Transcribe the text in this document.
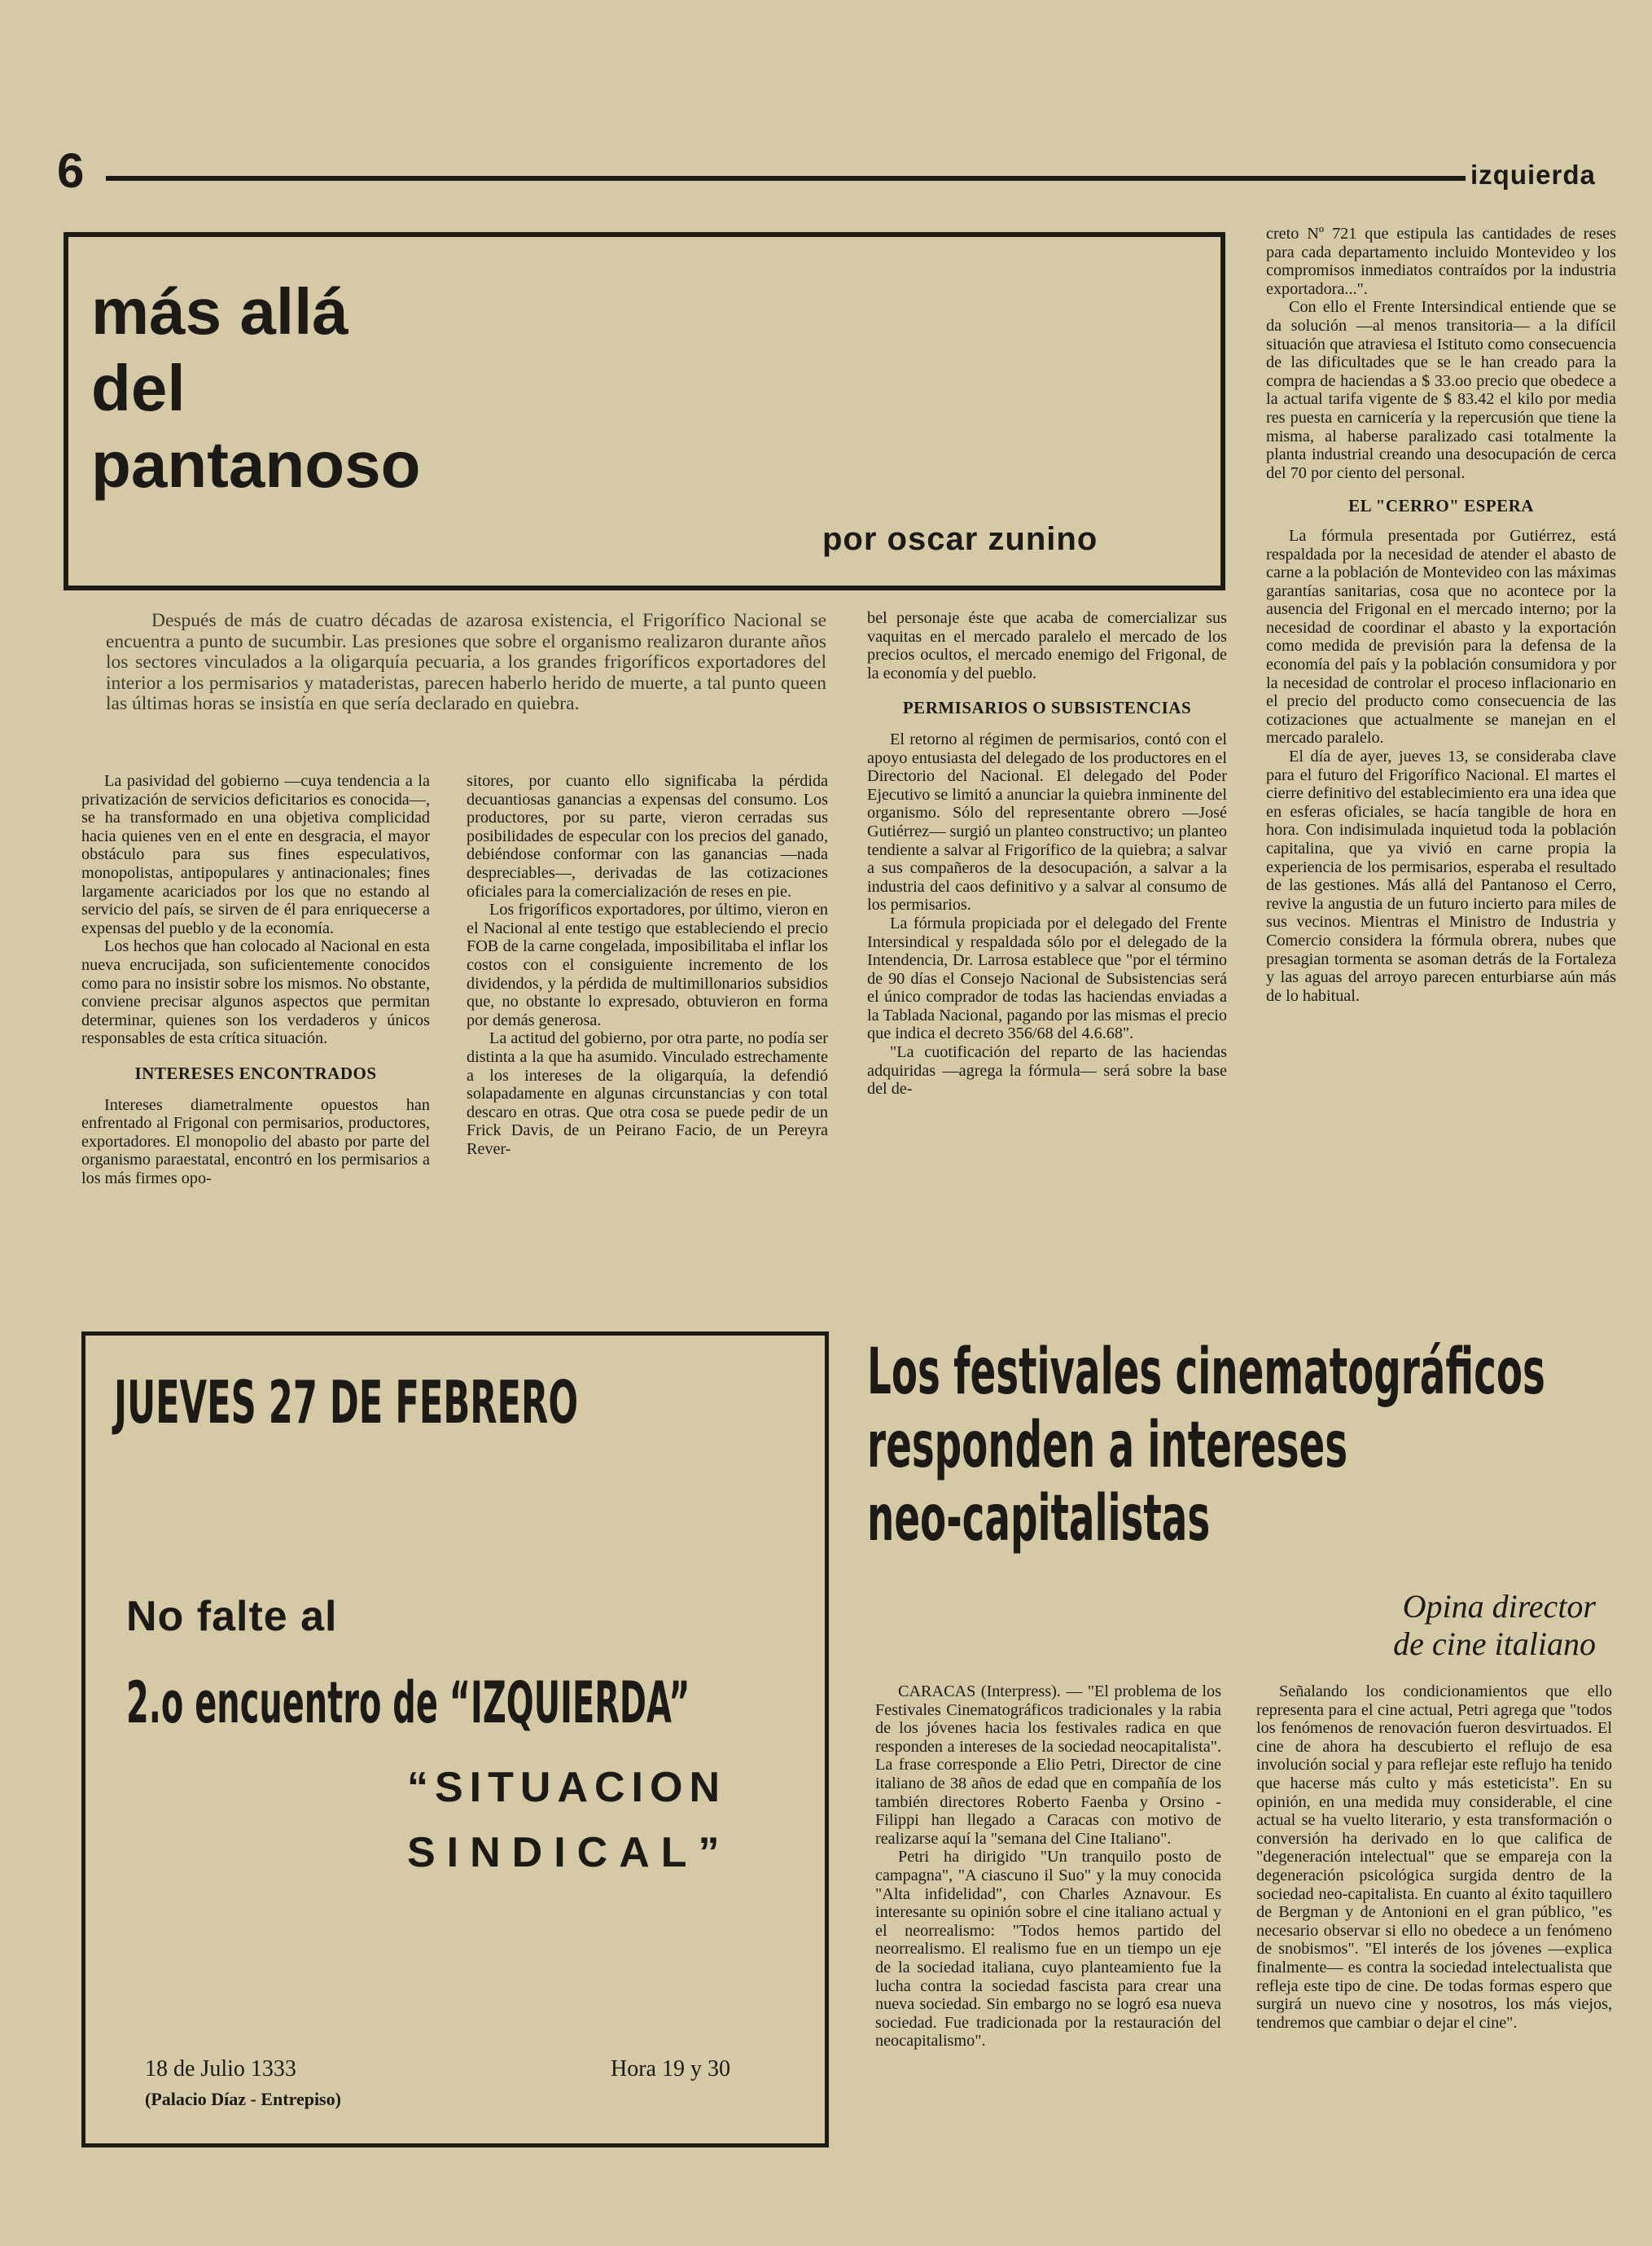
6	izquierda
más allá
del
pantanoso
por oscar zunino

Después de más de cuatro décadas de azarosa existencia, el Frigorífico Nacional se encuentra a punto de sucumbir. Las presiones que sobre el organismo realizaron durante años los sectores vinculados a la oligarquía pecuaria, a los grandes frigoríficos exportadores del interior a los permisarios y mataderistas, parecen haberlo herido de muerte, a tal punto queen las últimas horas se insistía en que sería declarado en quiebra.

La pasividad del gobierno —cuya tendencia a la privatización de servicios deficitarios es conocida—, se ha transformado en una objetiva complicidad hacia quienes ven en el ente en desgracia, el mayor obstáculo para sus fines especulativos, monopolistas, antipopulares y antinacionales; fines largamente acariciados por los que no estando al servicio del país, se sirven de él para enriquecerse a expensas del pueblo y de la economía.

Los hechos que han colocado al Nacional en esta nueva encrucijada, son suficientemente conocidos como para no insistir sobre los mismos. No obstante, conviene precisar algunos aspectos que permitan determinar, quienes son los verdaderos y únicos responsables de esta crítica situación.

INTERESES ENCONTRADOS

Intereses diametralmente opuestos han enfrentado al Frigonal con permisarios, productores, exportadores. El monopolio del abasto por parte del organismo paraestatal, encontró en los permisarios a los más firmes opo-

sitores, por cuanto ello significaba la pérdida decuantiosas ganancias a expensas del consumo. Los productores, por su parte, vieron cerradas sus posibilidades de especular con los precios del ganado, debiéndose conformar con las ganancias —nada despreciables—, derivadas de las cotizaciones oficiales para la comercialización de reses en pie.

Los frigoríficos exportadores, por último, vieron en el Nacional al ente testigo que estableciendo el precio FOB de la carne congelada, imposibilitaba el inflar los costos con el consiguiente incremento de los dividendos, y la pérdida de multimillonarios subsidios que, no obstante lo expresado, obtuvieron en forma por demás generosa.

La actitud del gobierno, por otra parte, no podía ser distinta a la que ha asumido. Vinculado estrechamente a los intereses de la oligarquía, la defendió solapadamente en algunas circunstancias y con total descaro en otras. Que otra cosa se puede pedir de un Frick Davis, de un Peirano Facio, de un Pereyra Rever-

bel personaje éste que acaba de comercializar sus vaquitas en el mercado paralelo el mercado de los precios ocultos, el mercado enemigo del Frigonal, de la economía y del pueblo.

PERMISARIOS O SUBSISTENCIAS

El retorno al régimen de permisarios, contó con el apoyo entusiasta del delegado de los productores en el Directorio del Nacional. El delegado del Poder Ejecutivo se limitó a anunciar la quiebra inminente del organismo. Sólo del representante obrero —José Gutiérrez— surgió un planteo constructivo; un planteo tendiente a salvar al Frigorífico de la quiebra; a salvar a sus compañeros de la desocupación, a salvar a la industria del caos definitivo y a salvar al consumo de los permisarios.

La fórmula propiciada por el delegado del Frente Intersindical y respaldada sólo por el delegado de la Intendencia, Dr. Larrosa establece que "por el término de 90 días el Consejo Nacional de Subsistencias será el único comprador de todas las haciendas enviadas a la Tablada Nacional, pagando por las mismas el precio que indica el decreto 356/68 del 4.6.68".

"La cuotificación del reparto de las haciendas adquiridas —agrega la fórmula— será sobre la base del de-

creto Nº 721 que estipula las cantidades de reses para cada departamento incluido Montevideo y los compromisos inmediatos contraídos por la industria exportadora...".

Con ello el Frente Intersindical entiende que se da solución —al menos transitoria— a la difícil situación que atraviesa el Istituto como consecuencia de las dificultades que se le han creado para la compra de haciendas a $ 33.oo precio que obedece a la actual tarifa vigente de $ 83.42 el kilo por media res puesta en carnicería y la repercusión que tiene la misma, al haberse paralizado casi totalmente la planta industrial creando una desocupación de cerca del 70 por ciento del personal.

EL "CERRO" ESPERA

La fórmula presentada por Gutiérrez, está respaldada por la necesidad de atender el abasto de carne a la población de Montevideo con las máximas garantías sanitarias, cosa que no acontece por la ausencia del Frigonal en el mercado interno; por la necesidad de coordinar el abasto y la exportación como medida de previsión para la defensa de la economía del país y la población consumidora y por la necesidad de controlar el proceso inflacionario en el precio del producto como consecuencia de las cotizaciones que actualmente se manejan en el mercado paralelo.

El día de ayer, jueves 13, se consideraba clave para el futuro del Frigorífico Nacional. El martes el cierre definitivo del establecimiento era una idea que en esferas oficiales, se hacía tangible de hora en hora. Con indisimulada inquietud toda la población capitalina, que ya vivió en carne propia la experiencia de los permisarios, esperaba el resultado de las gestiones. Más allá del Pantanoso el Cerro, revive la angustia de un futuro incierto para miles de sus vecinos. Mientras el Ministro de Industria y Comercio considera la fórmula obrera, nubes que presagian tormenta se asoman detrás de la Fortaleza y las aguas del arroyo parecen enturbiarse aún más de lo habitual.

JUEVES 27 DE FEBRERO
No falte al
2.o encuentro de “IZQUIERDA”
“SITUACION
SINDICAL”
18 de Julio 1333	Hora 19 y 30
(Palacio Díaz - Entrepiso)
Los festivales cinematográficos
responden a intereses
neo-capitalistas
Opina director
de cine italiano

CARACAS (Interpress). — "El problema de los Festivales Cinematográficos tradicionales y la rabia de los jóvenes hacia los festivales radica en que responden a intereses de la sociedad neocapitalista". La frase corresponde a Elio Petri, Director de cine italiano de 38 años de edad que en compañía de los también directores Roberto Faenba y Orsino - Filippi han llegado a Caracas con motivo de realizarse aquí la "semana del Cine Italiano".

Petri ha dirigido "Un tranquilo posto de campagna", "A ciascuno il Suo" y la muy conocida "Alta infidelidad", con Charles Aznavour. Es interesante su opinión sobre el cine italiano actual y el neorrealismo: "Todos hemos partido del neorrealismo. El realismo fue en un tiempo un eje de la sociedad italiana, cuyo planteamiento fue la lucha contra la sociedad fascista para crear una nueva sociedad. Sin embargo no se logró esa nueva sociedad. Fue tradicionada por la restauración del neocapitalismo".

Señalando los condicionamientos que ello representa para el cine actual, Petri agrega que "todos los fenómenos de renovación fueron desvirtuados. El cine de ahora ha descubierto el reflujo de esa involución social y para reflejar este reflujo ha tenido que hacerse más culto y más esteticista". En su opinión, en una medida muy considerable, el cine actual se ha vuelto literario, y esta transformación o conversión ha derivado en lo que califica de "degeneración intelectual" que se empareja con la degeneración psicológica surgida dentro de la sociedad neo-capitalista. En cuanto al éxito taquillero de Bergman y de Antonioni en el gran público, "es necesario observar si ello no obedece a un fenómeno de snobismos". "El interés de los jóvenes —explica finalmente— es contra la sociedad intelectualista que refleja este tipo de cine. De todas formas espero que surgirá un nuevo cine y nosotros, los más viejos, tendremos que cambiar o dejar el cine".
